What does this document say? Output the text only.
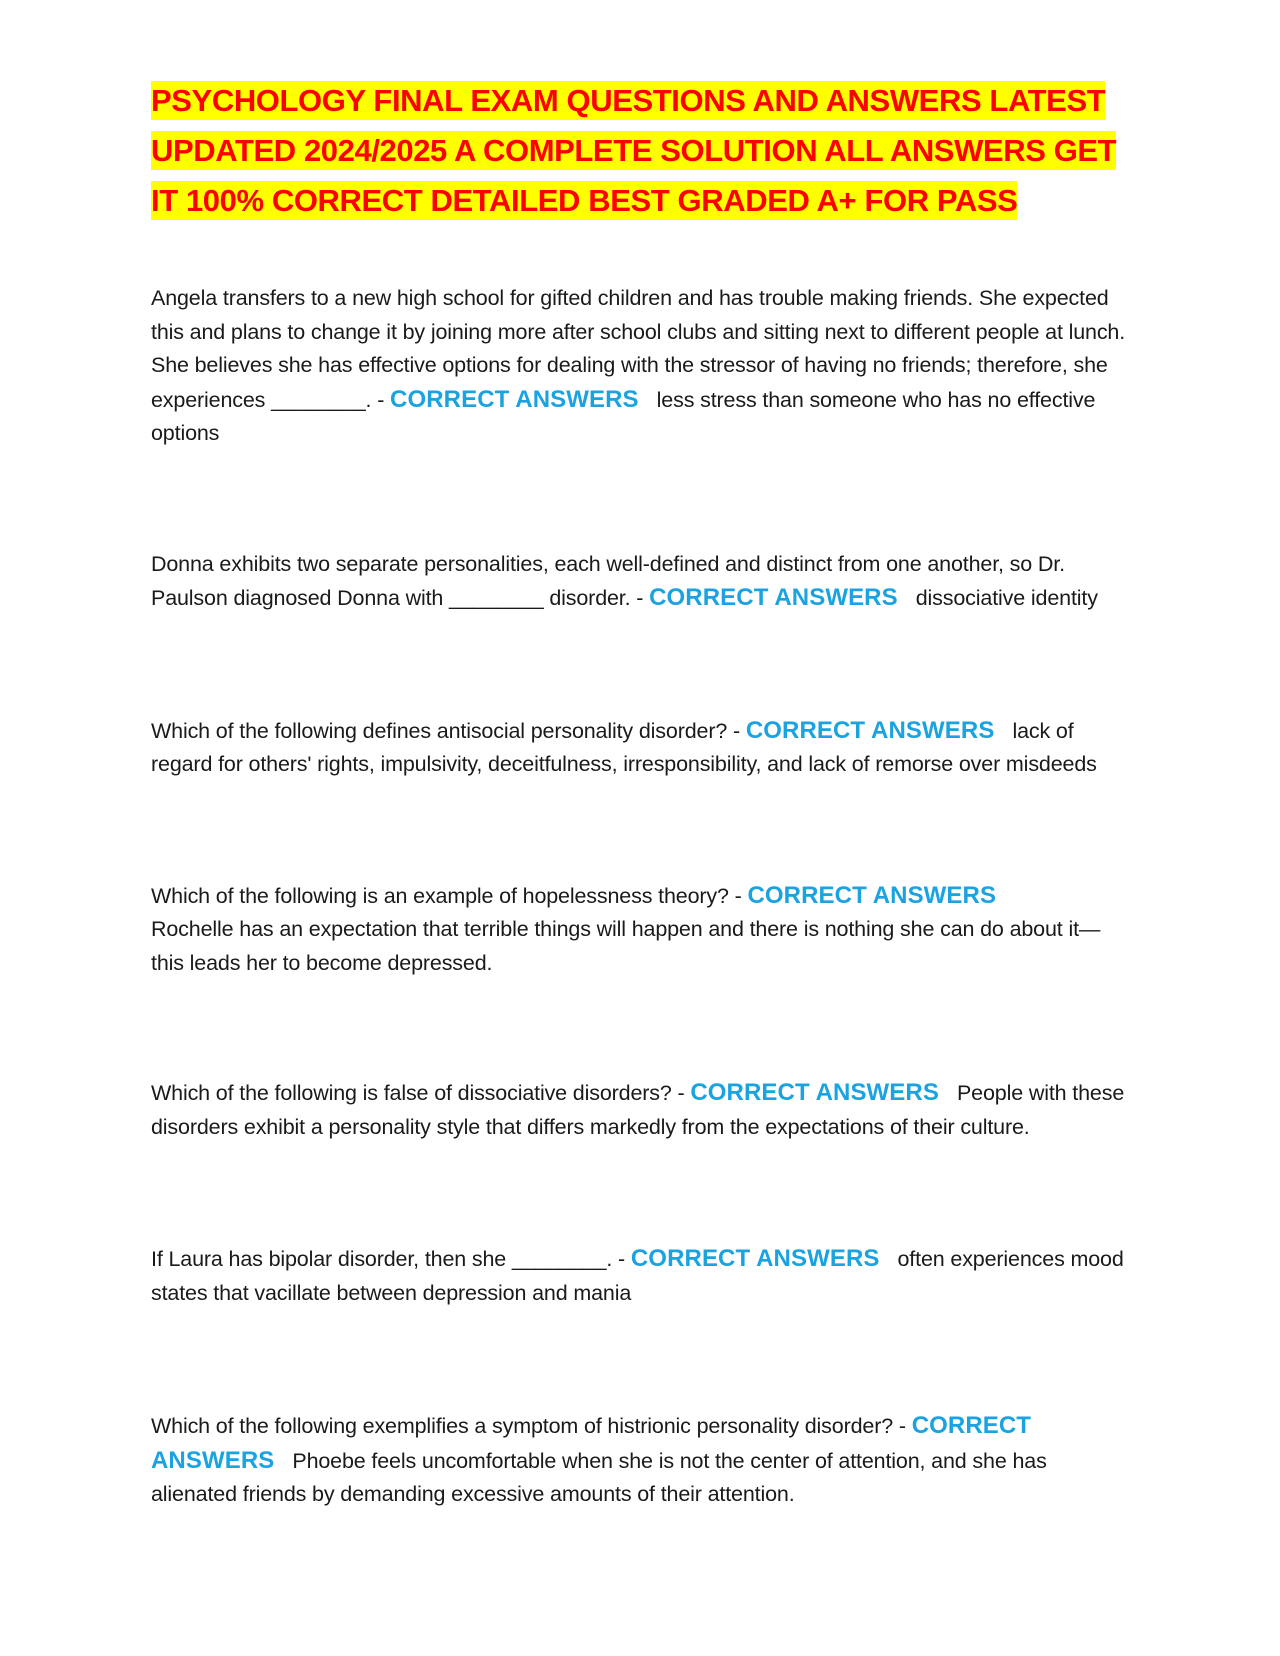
PSYCHOLOGY FINAL EXAM QUESTIONS AND ANSWERS LATEST UPDATED 2024/2025 A COMPLETE SOLUTION ALL ANSWERS GET IT 100% CORRECT DETAILED BEST GRADED A+ FOR PASS

Angela transfers to a new high school for gifted children and has trouble making friends. She expected this and plans to change it by joining more after school clubs and sitting next to different people at lunch. She believes she has effective options for dealing with the stressor of having no friends; therefore, she experiences ________. - CORRECT ANSWERS less stress than someone who has no effective options

Donna exhibits two separate personalities, each well-defined and distinct from one another, so Dr. Paulson diagnosed Donna with ________ disorder. - CORRECT ANSWERS dissociative identity

Which of the following defines antisocial personality disorder? - CORRECT ANSWERS lack of regard for others' rights, impulsivity, deceitfulness, irresponsibility, and lack of remorse over misdeeds

Which of the following is an example of hopelessness theory? - CORRECT ANSWERS
Rochelle has an expectation that terrible things will happen and there is nothing she can do about it—this leads her to become depressed.

Which of the following is false of dissociative disorders? - CORRECT ANSWERS People with these disorders exhibit a personality style that differs markedly from the expectations of their culture.

If Laura has bipolar disorder, then she ________. - CORRECT ANSWERS often experiences mood states that vacillate between depression and mania

Which of the following exemplifies a symptom of histrionic personality disorder? - CORRECT ANSWERS Phoebe feels uncomfortable when she is not the center of attention, and she has alienated friends by demanding excessive amounts of their attention.
